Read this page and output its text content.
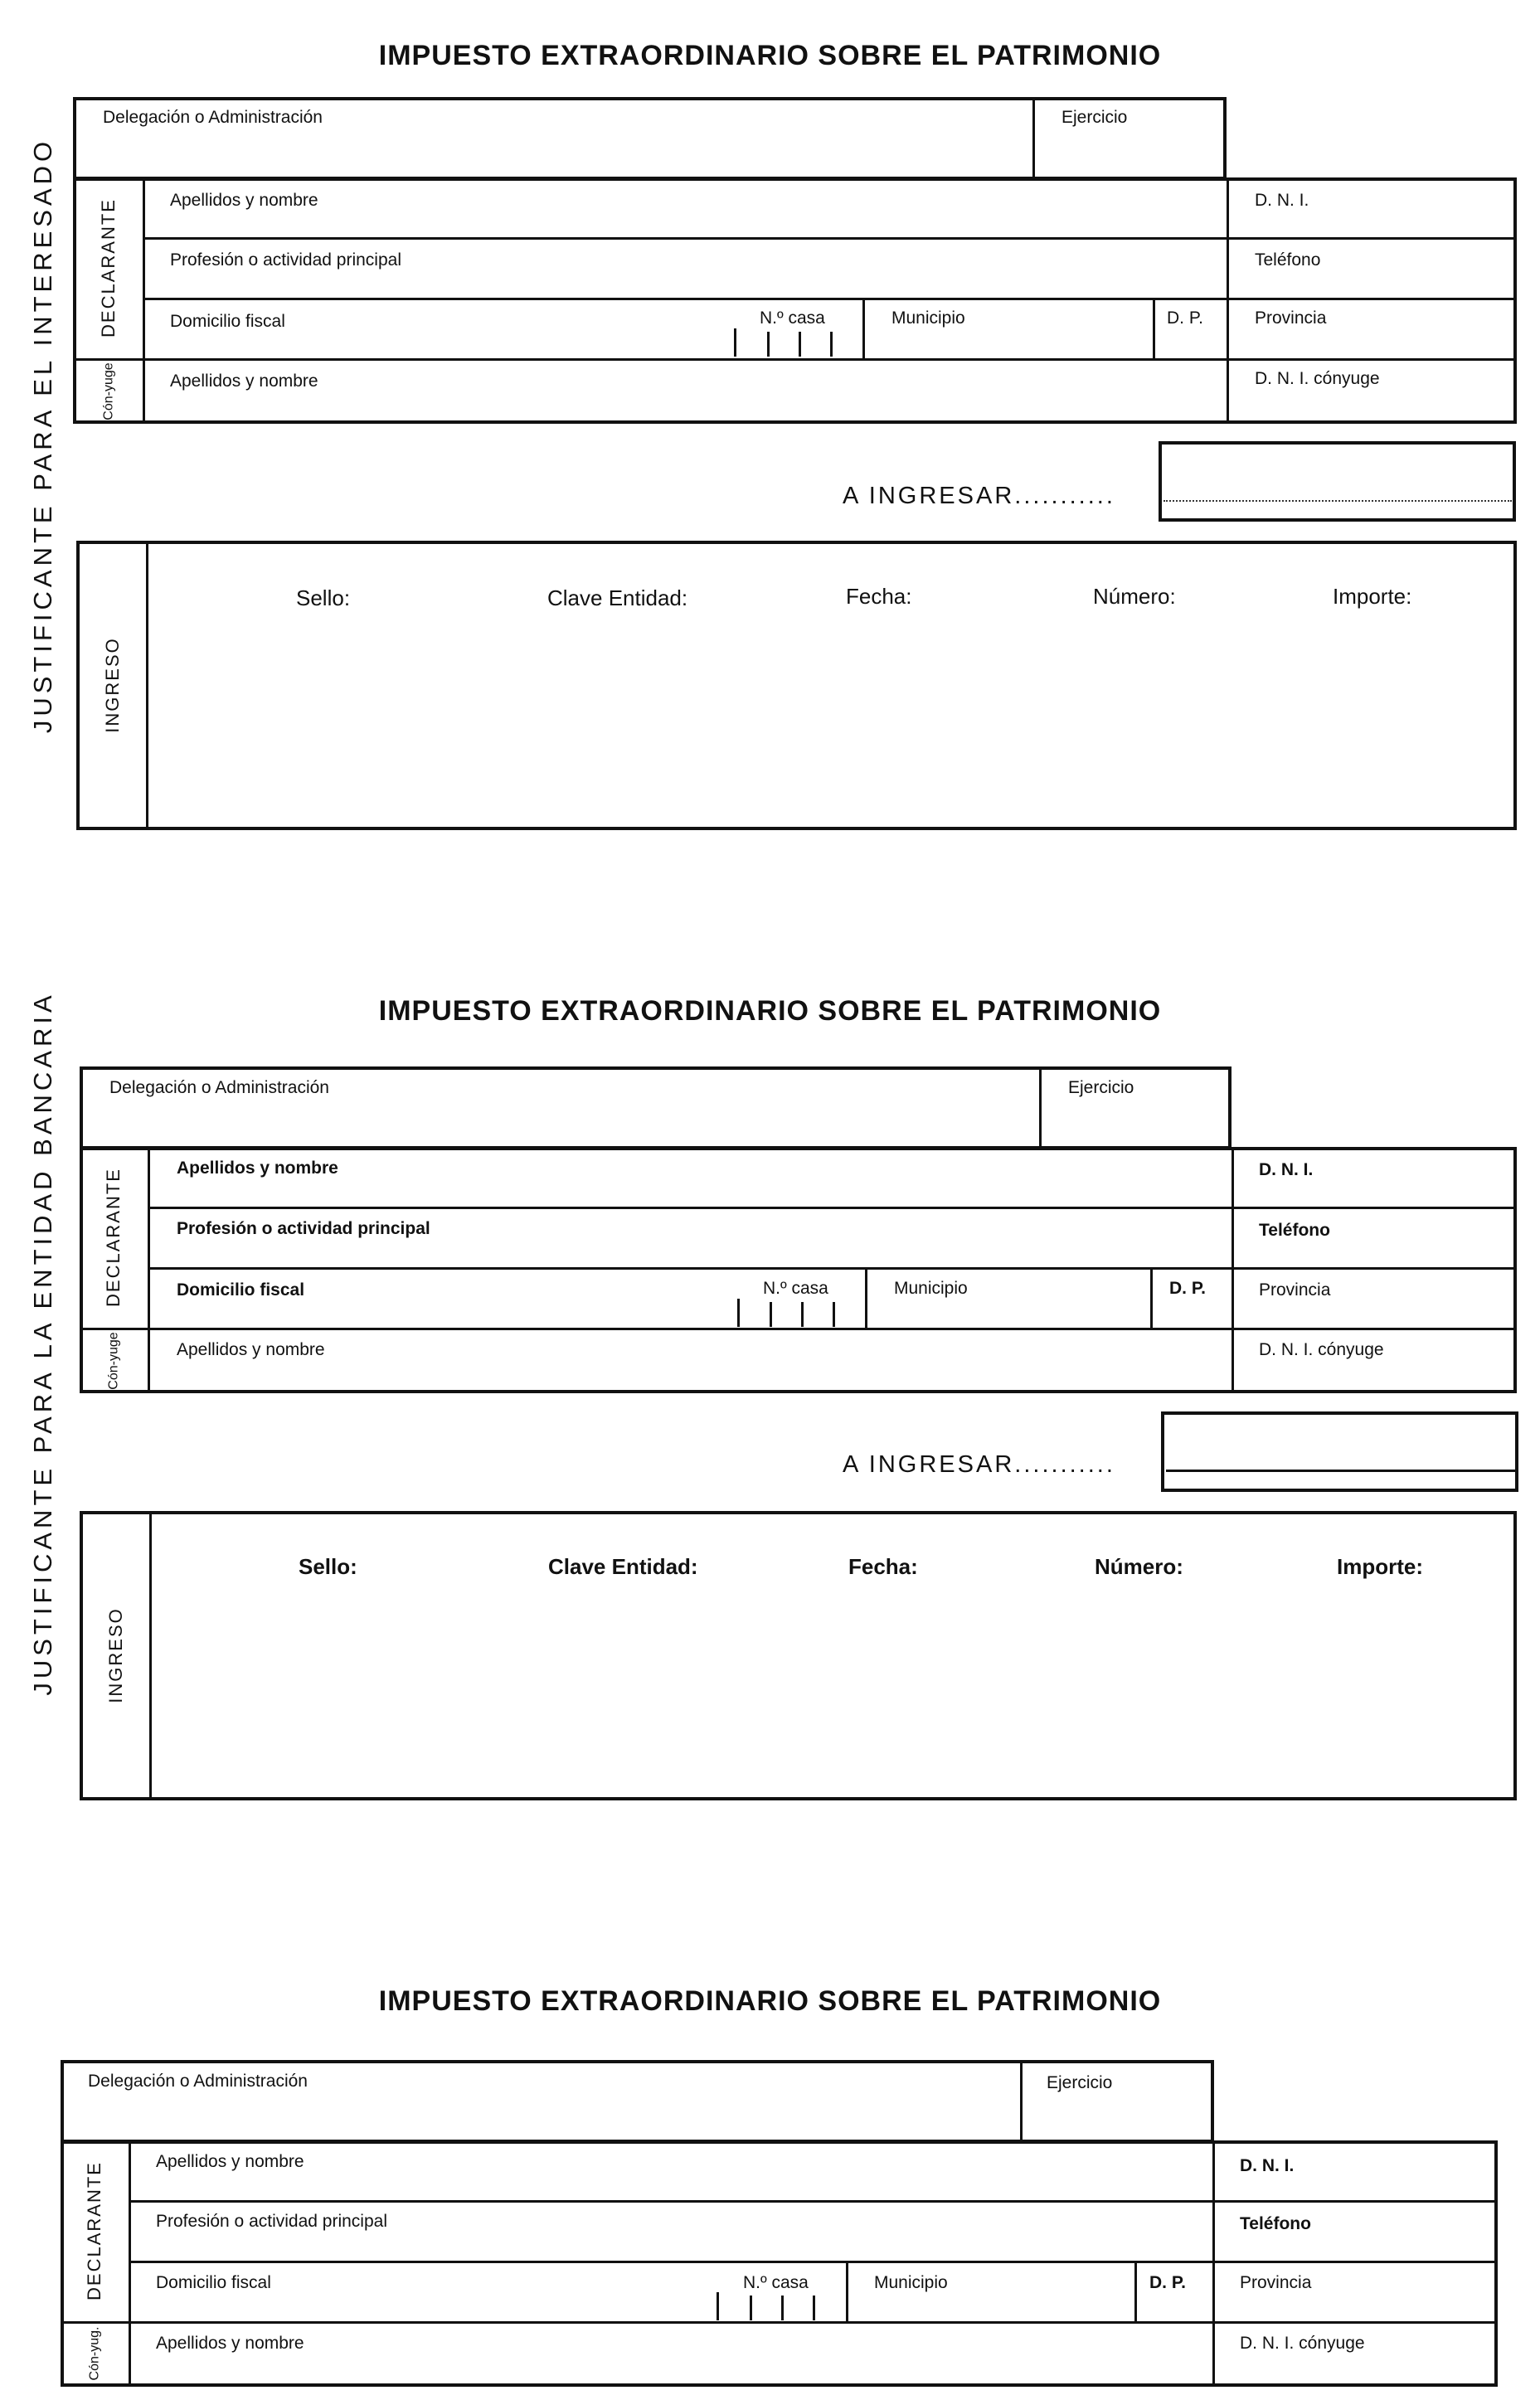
JUSTIFICANTE PARA EL INTERESADO
IMPUESTO EXTRAORDINARIO SOBRE EL PATRIMONIO
Delegación o Administración	Ejercicio
DECLARANTE
Cón-yuge
Apellidos y nombre	D. N. I.
Profesión o actividad principal	Teléfono
Domicilio fiscal	N.º casa	Municipio	D. P.	Provincia
Apellidos y nombre	D. N. I. cónyuge
A INGRESAR...........
INGRESO
Sello:	Clave Entidad:	Fecha:	Número:	Importe:
JUSTIFICANTE PARA LA ENTIDAD BANCARIA	IMPUESTO EXTRAORDINARIO SOBRE EL PATRIMONIO
Delegación o Administración	Ejercicio
DECLARANTE
Cón-yuge
Apellidos y nombre	D. N. I.
Profesión o actividad principal	Teléfono
Domicilio fiscal	N.º casa	Municipio	D. P.	Provincia
Apellidos y nombre	D. N. I. cónyuge
A INGRESAR...........
INGRESO
Sello:	Clave Entidad:	Fecha:	Número:	Importe:
IMPUESTO EXTRAORDINARIO SOBRE EL PATRIMONIO
Delegación o Administración	Ejercicio
DECLARANTE
Cón-yug.
Apellidos y nombre	D. N. I.
Profesión o actividad principal	Teléfono
Domicilio fiscal	N.º casa	Municipio	D. P.	Provincia
Apellidos y nombre	D. N. I. cónyuge
